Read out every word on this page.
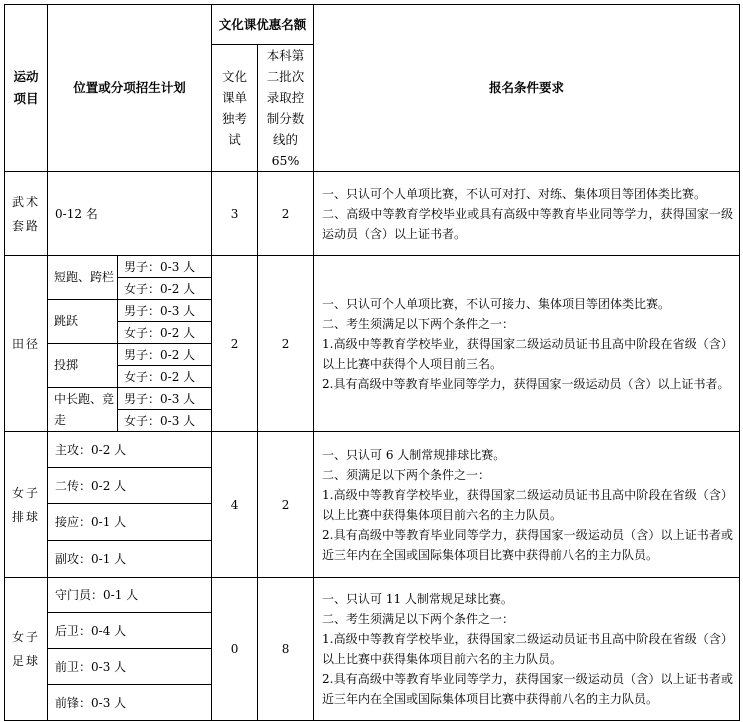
运动项目	位置或分项招生计划		文化课优惠名额		报名条件要求

			文化课单独考试	本科第二批次录取控制分数线的65%	

武术套路	0-12 名		3	2	一、只认可个人单项比赛，不认可对打、对练、集体项目等团体类比赛。

二、高级中等教育学校毕业或具有高级中等教育毕业同等学力，获得国家一级运动员（含）以上证书者。

田径	短跑、跨栏	男子：0-3 人	2	2	一、只认可个人单项比赛，不认可接力、集体项目等团体类比赛。

二、考生须满足以下两个条件之一：

1.高级中等教育学校毕业，获得国家二级运动员证书且高中阶段在省级（含）以上比赛中获得个人项目前三名。

2.具有高级中等教育毕业同等学力，获得国家一级运动员（含）以上证书者。

		女子：0-2 人			
	跳跃	男子：0-3 人			
		女子：0-2 人			
	投掷	男子：0-2 人			
		女子：0-2 人			
	中长跑、竞走	男子：0-3 人			
		女子：0-3 人			

女子排球	主攻：0-2 人		4	2	一、只认可 6 人制常规排球比赛。

二、须满足以下两个条件之一：

1.高级中等教育学校毕业，获得国家二级运动员证书且高中阶段在省级（含）以上比赛中获得集体项目前六名的主力队员。

2.具有高级中等教育毕业同等学力，获得国家一级运动员（含）以上证书者或近三年内在全国或国际集体项目比赛中获得前八名的主力队员。

	二传：0-2 人				
	接应：0-1 人				
	副攻：0-1 人				

女子足球	守门员：0-1 人		0	8	一、只认可 11 人制常规足球比赛。

二、考生须满足以下两个条件之一：

1.高级中等教育学校毕业，获得国家二级运动员证书且高中阶段在省级（含）以上比赛中获得集体项目前六名的主力队员。

2.具有高级中等教育毕业同等学力，获得国家一级运动员（含）以上证书者或近三年内在全国或国际集体项目比赛中获得前八名的主力队员。

	后卫：0-4 人				
	前卫：0-3 人				
	前锋：0-3 人				
